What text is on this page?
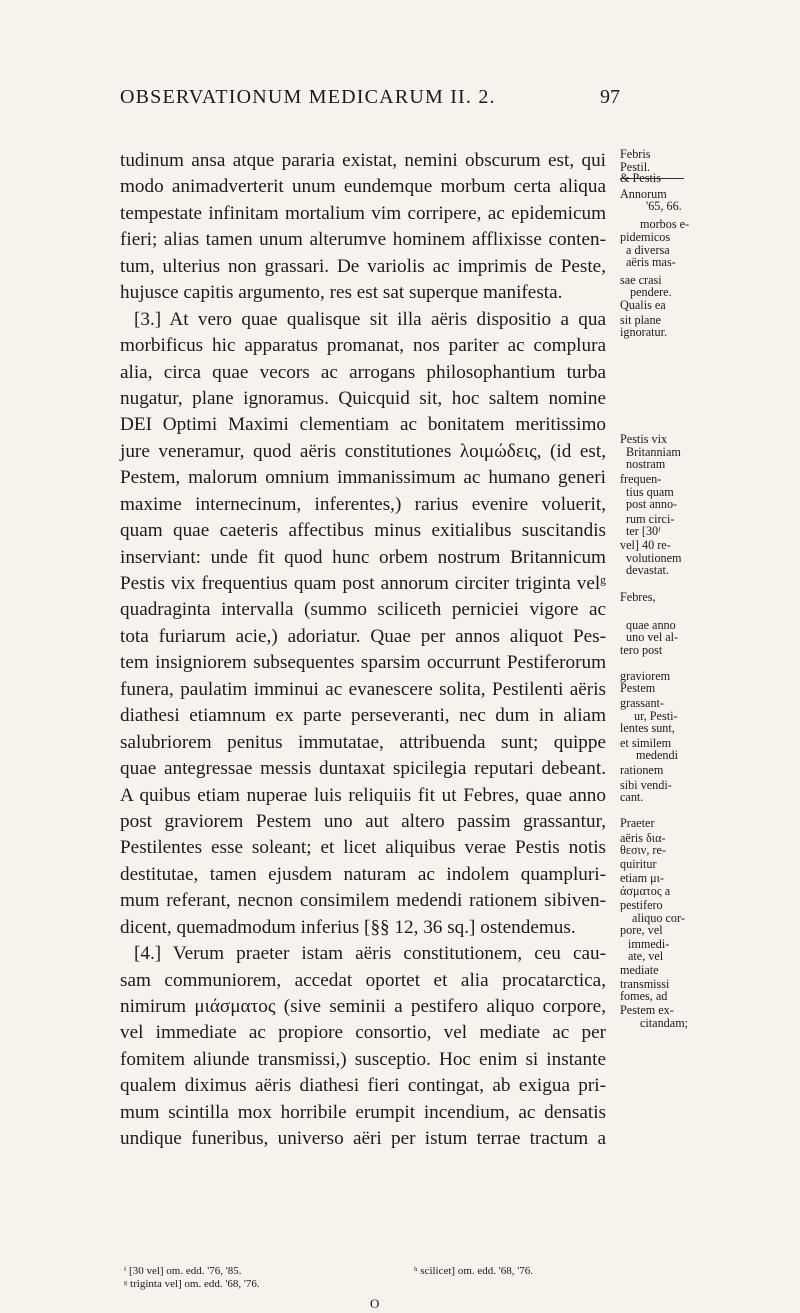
OBSERVATIONUM MEDICARUM II. 2.	97
tudinum ansa atque pararia existat, nemini obscurum est, qui
modo animadverterit unum eundemque morbum certa aliqua
tempestate infinitam mortalium vim corripere, ac epidemicum
fieri; alias tamen unum alterumve hominem afflixisse conten-
tum, ulterius non grassari. De variolis ac imprimis de Peste,
hujusce capitis argumento, res est sat superque manifesta.
[3.] At vero quae qualisque sit illa aëris dispositio a qua
morbificus hic apparatus promanat, nos pariter ac complura
alia, circa quae vecors ac arrogans philosophantium turba
nugatur, plane ignoramus. Quicquid sit, hoc saltem nomine
DEI Optimi Maximi clementiam ac bonitatem meritissimo
jure veneramur, quod aëris constitutiones λοιμώδεις, (id est,
Pestem, malorum omnium immanissimum ac humano generi
maxime internecinum, inferentes,) rarius evenire voluerit,
quam quae caeteris affectibus minus exitialibus suscitandis
inserviant: unde fit quod hunc orbem nostrum Britannicum
Pestis vix frequentius quam post annorum circiter triginta velᵍ
quadraginta intervalla (summo sciliceth perniciei vigore ac
tota furiarum acie,) adoriatur. Quae per annos aliquot Pes-
tem insigniorem subsequentes sparsim occurrunt Pestiferorum
funera, paulatim imminui ac evanescere solita, Pestilenti aëris
diathesi etiamnum ex parte perseveranti, nec dum in aliam
salubriorem penitus immutatae, attribuenda sunt; quippe
quae antegressae messis duntaxat spicilegia reputari debeant.
A quibus etiam nuperae luis reliquiis fit ut Febres, quae anno
post graviorem Pestem uno aut altero passim grassantur,
Pestilentes esse soleant; et licet aliquibus verae Pestis notis
destitutae, tamen ejusdem naturam ac indolem quampluri-
mum referant, necnon consimilem medendi rationem sibiven-
dicent, quemadmodum inferius [§§ 12, 36 sq.] ostendemus.
[4.] Verum praeter istam aëris constitutionem, ceu cau-
sam communiorem, accedat oportet et alia procatarctica,
nimirum μιάσματος (sive seminii a pestifero aliquo corpore,
vel immediate ac propiore consortio, vel mediate ac per
fomitem aliunde transmissi,) susceptio. Hoc enim si instante
qualem diximus aëris diathesi fieri contingat, ab exigua pri-
mum scintilla mox horribile erumpit incendium, ac densatis
undique funeribus, universo aëri per istum terrae tractum a
Febris
Pestil.
& Pestis
Annorum
'65, 66.
morbos e-
pidemicos
a diversa
aëris mas-
sae crasi
pendere.
Qualis ea
sit plane
ignoratur.
Pestis vix
Britanniam
nostram
frequen-
tius quam
post anno-
rum circi-
ter [30ᶠ
vel] 40 re-
volutionem
devastat.
Febres,
quae anno
uno vel al-
tero post
graviorem
Pestem
grassant-
ur, Pesti-
lentes sunt,
et similem
medendi
rationem
sibi vendi-
cant.
Praeter
aëris δια-
θεσιν, re-
quiritur
etiam μι-
άσματος a
pestifero
aliquo cor-
pore, vel
immedi-
ate, vel
mediate
transmissi
fomes, ad
Pestem ex-
citandam;
ᶠ [30 vel] om. edd. '76, '85.	ʰ scilicet] om. edd. '68, '76.
ᵍ triginta vel] om. edd. '68, '76.
O
